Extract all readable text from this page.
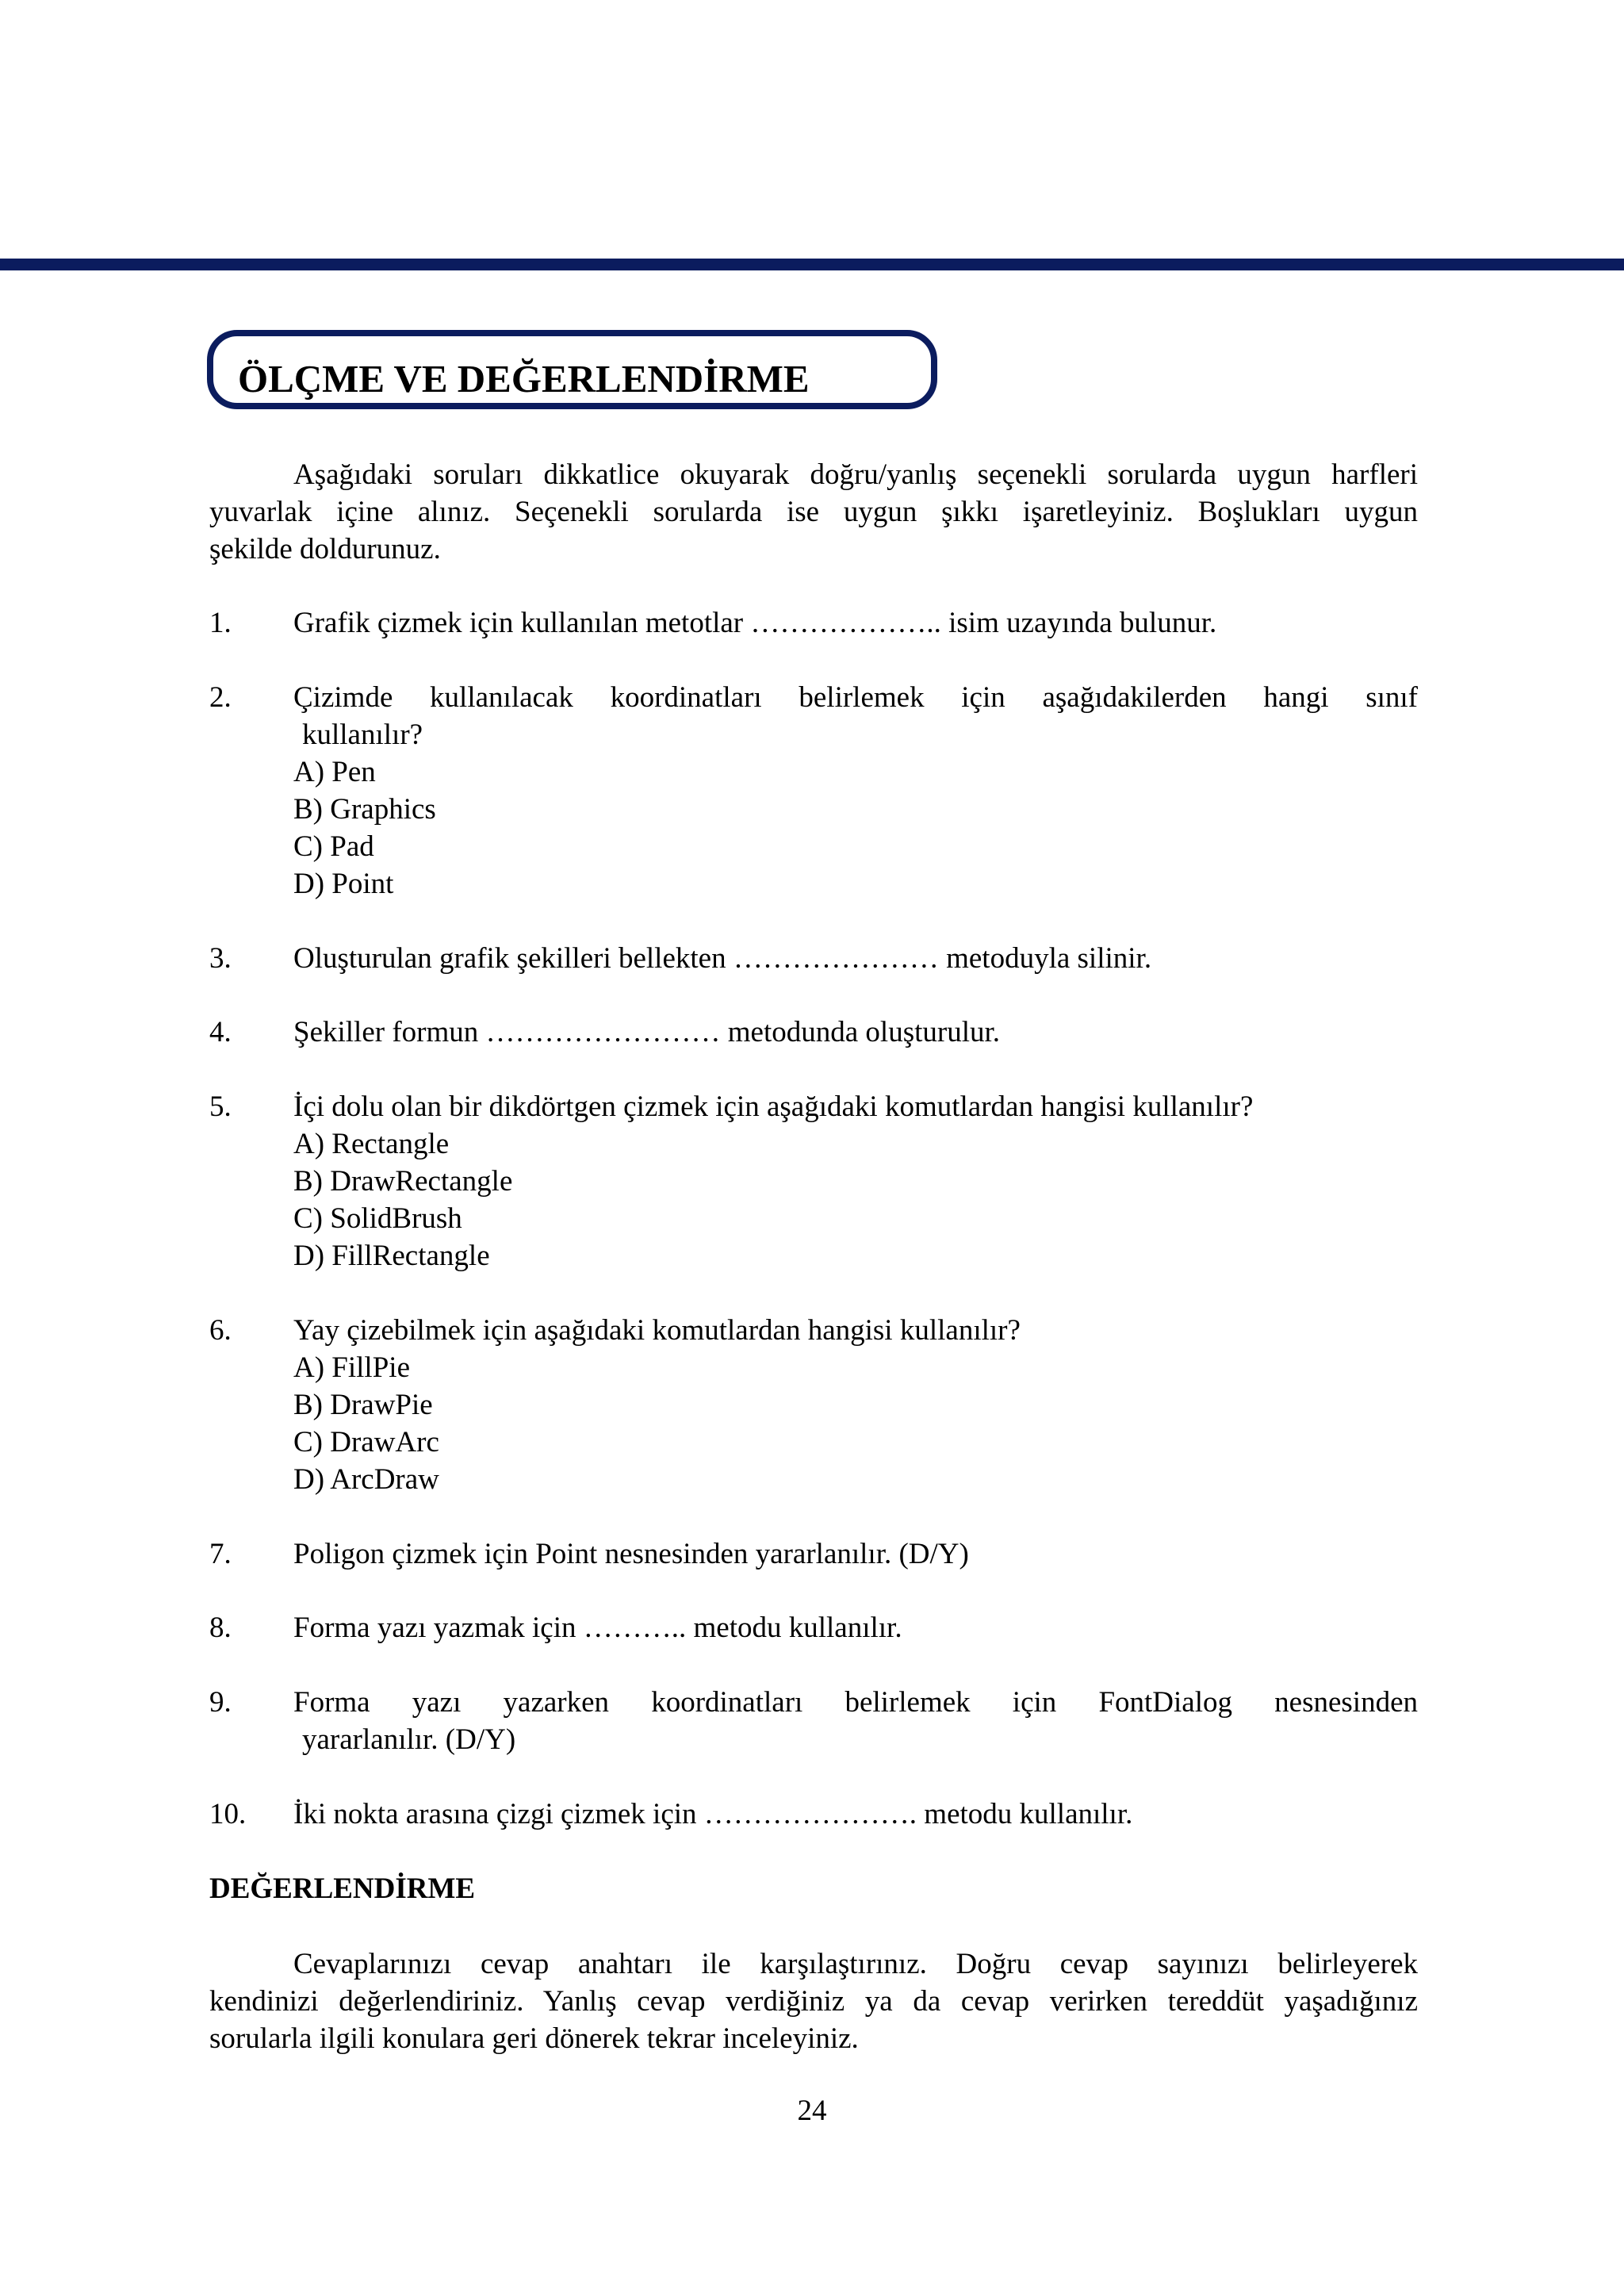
ÖLÇME VE DEĞERLENDİRME

Aşağıdaki soruları dikkatlice okuyarak doğru/yanlış seçenekli sorularda uygun harfleri

yuvarlak içine alınız. Seçenekli sorularda ise uygun şıkkı işaretleyiniz. Boşlukları uygun

şekilde doldurunuz.

1. Grafik çizmek için kullanılan metotlar ……………….. isim uzayında bulunur.
2. Çizimde kullanılacak koordinatları belirlemek için aşağıdakilerden hangi sınıf
kullanılır?
A) Pen
B) Graphics
C) Pad
D) Point
3. Oluşturulan grafik şekilleri bellekten ………………… metoduyla silinir.
4. Şekiller formun …………………… metodunda oluşturulur.
5. İçi dolu olan bir dikdörtgen çizmek için aşağıdaki komutlardan hangisi kullanılır?
A) Rectangle
B) DrawRectangle
C) SolidBrush
D) FillRectangle
6. Yay çizebilmek için aşağıdaki komutlardan hangisi kullanılır?
A) FillPie
B) DrawPie
C) DrawArc
D) ArcDraw
7. Poligon çizmek için Point nesnesinden yararlanılır. (D/Y)
8. Forma yazı yazmak için ……….. metodu kullanılır.
9. Forma yazı yazarken koordinatları belirlemek için FontDialog nesnesinden
yararlanılır. (D/Y)
10. İki nokta arasına çizgi çizmek için …………………. metodu kullanılır.
DEĞERLENDİRME

Cevaplarınızı cevap anahtarı ile karşılaştırınız. Doğru cevap sayınızı belirleyerek

kendinizi değerlendiriniz. Yanlış cevap verdiğiniz ya da cevap verirken tereddüt yaşadığınız

sorularla ilgili konulara geri dönerek tekrar inceleyiniz.

24
